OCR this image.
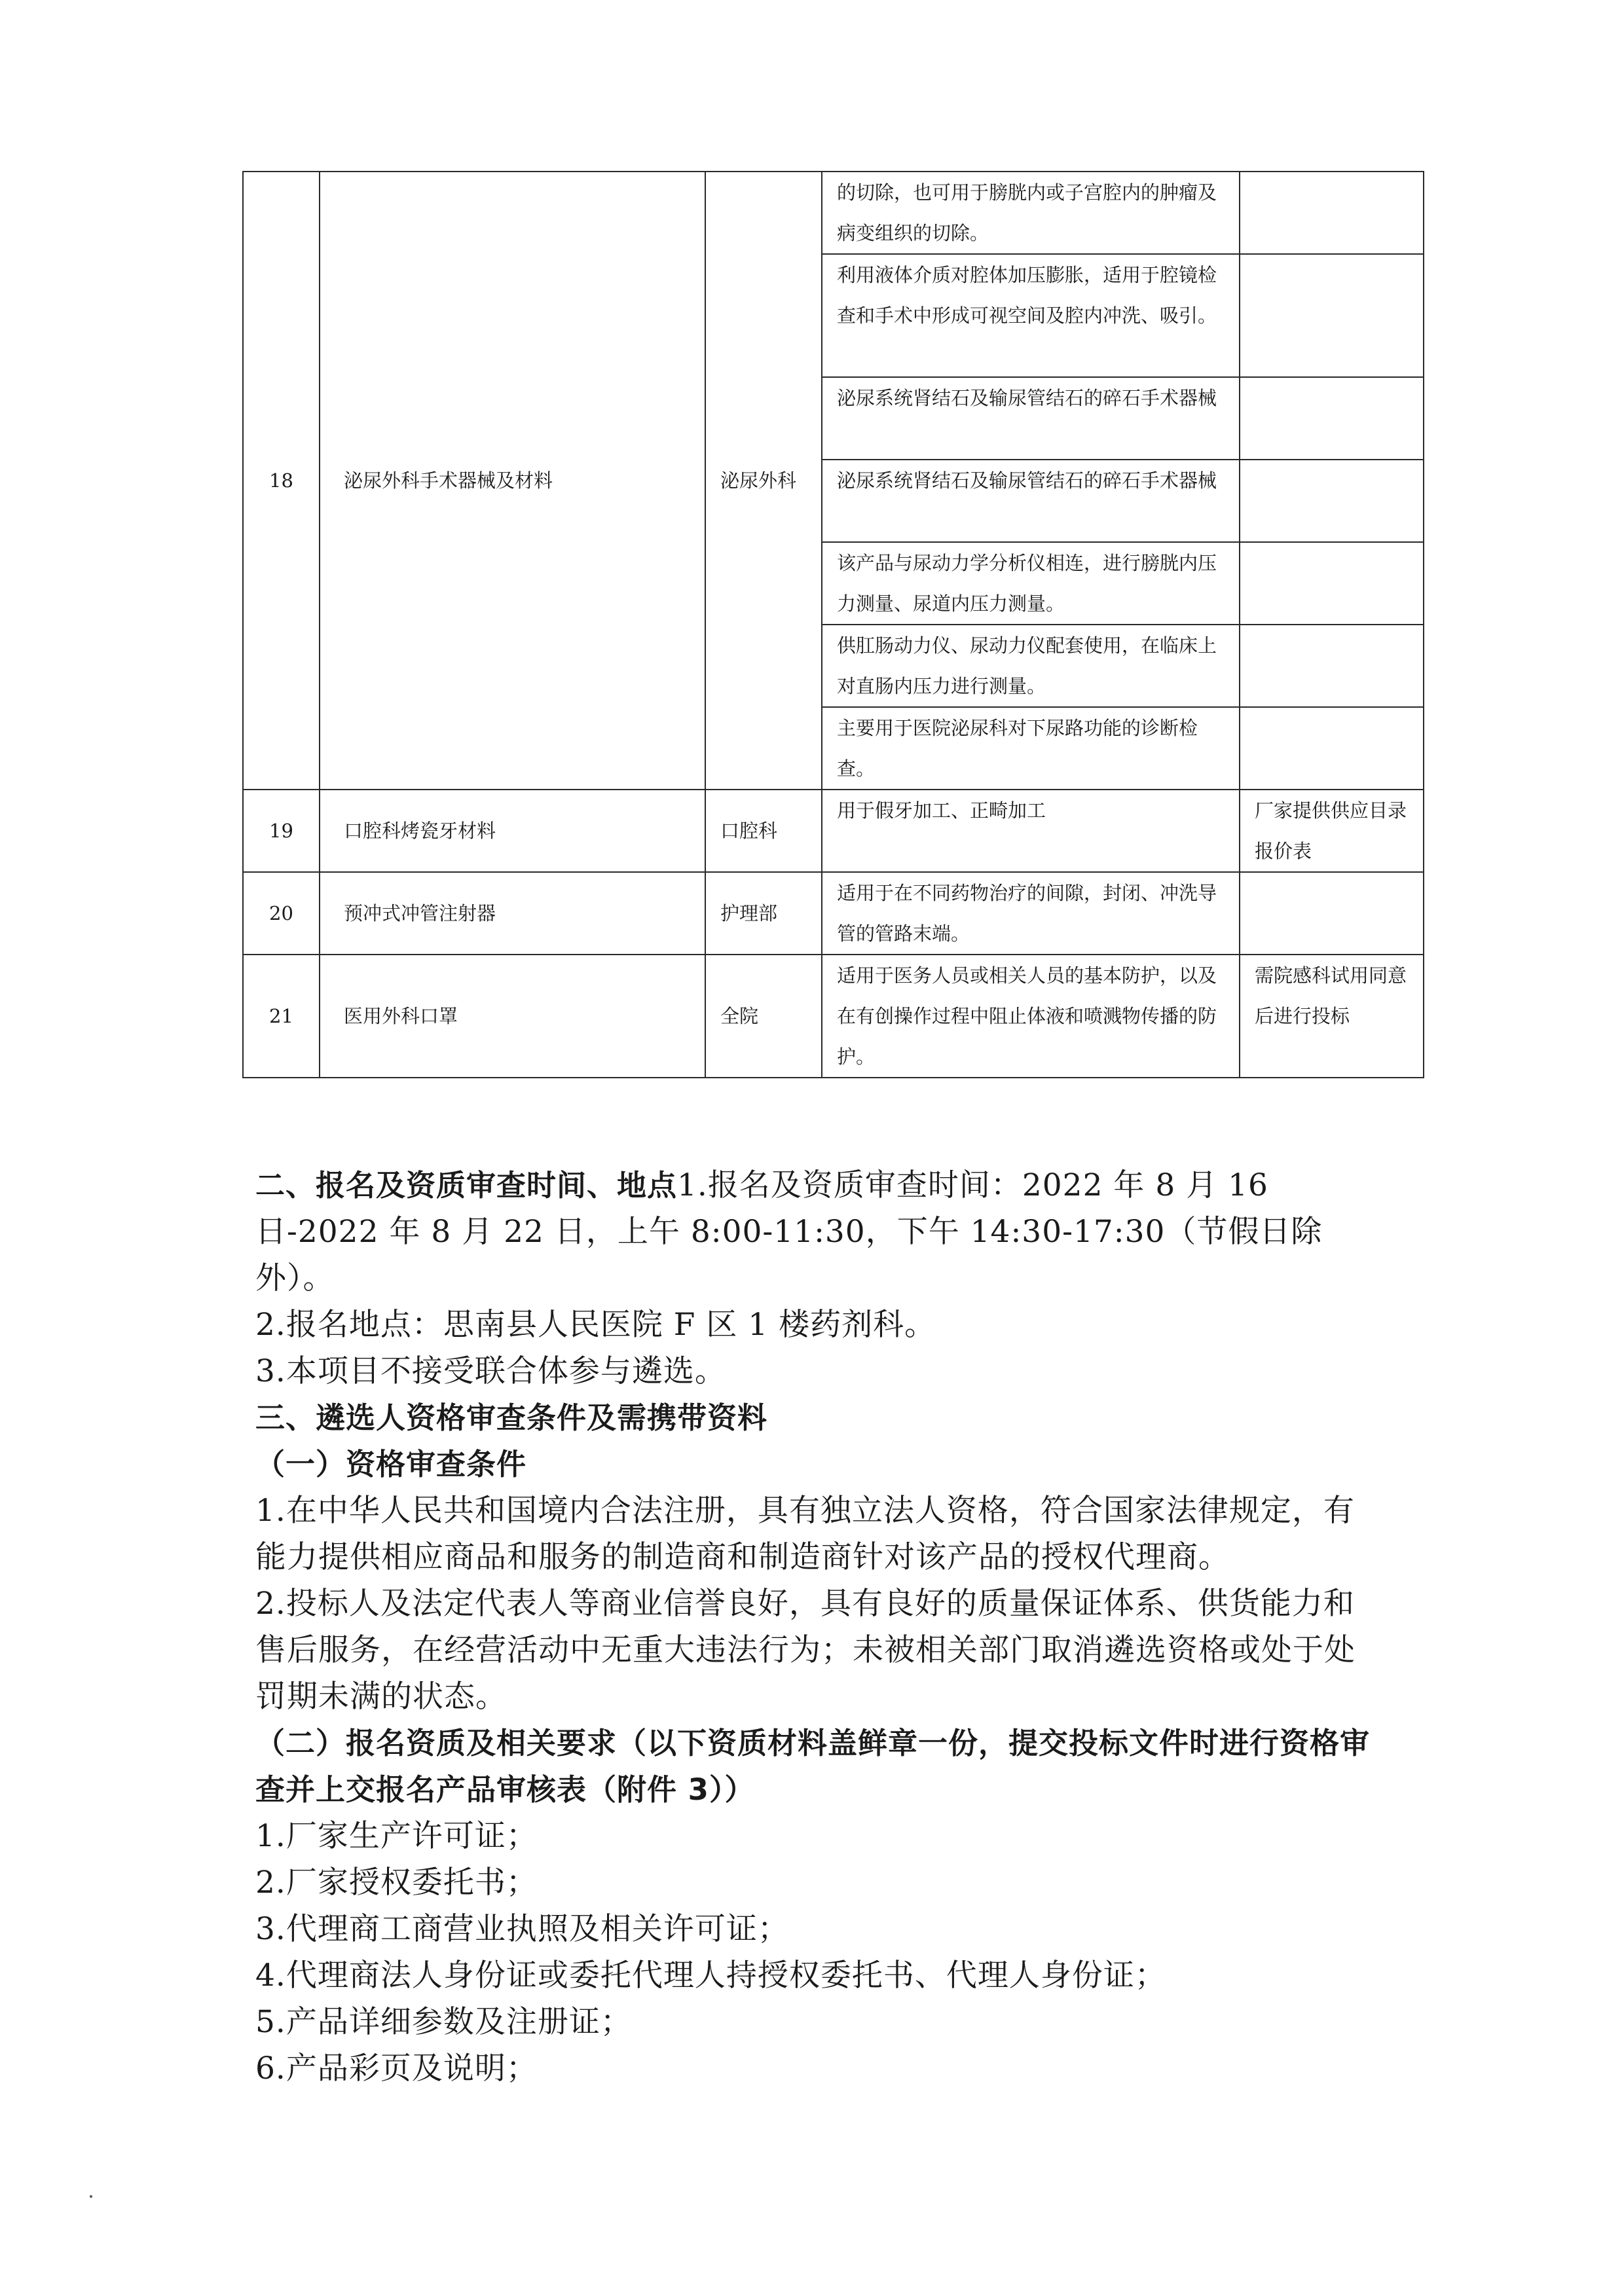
18	泌尿外科手术器械及材料	泌尿外科	的切除，也可用于膀胱内或子宫腔内的肿瘤及病变组织的切除。	
			利用液体介质对腔体加压膨胀，适用于腔镜检查和手术中形成可视空间及腔内冲洗、吸引。	
			泌尿系统肾结石及输尿管结石的碎石手术器械	
			泌尿系统肾结石及输尿管结石的碎石手术器械	
			该产品与尿动力学分析仪相连，进行膀胱内压力测量、尿道内压力测量。	
			供肛肠动力仪、尿动力仪配套使用，在临床上对直肠内压力进行测量。	
			主要用于医院泌尿科对下尿路功能的诊断检查。	
19	口腔科烤瓷牙材料	口腔科	用于假牙加工、正畸加工	厂家提供供应目录报价表
20	预冲式冲管注射器	护理部	适用于在不同药物治疗的间隙，封闭、冲洗导管的管路末端。	
21	医用外科口罩	全院	适用于医务人员或相关人员的基本防护，以及在有创操作过程中阻止体液和喷溅物传播的防护。	需院感科试用同意后进行投标

二、报名及资质审查时间、地点1.报名及资质审查时间：2022 年 8 月 16 日-2022 年 8 月 22 日，上午 8:00-11:30，下午 14:30-17:30（节假日除外）。

2.报名地点：思南县人民医院 F 区 1 楼药剂科。

3.本项目不接受联合体参与遴选。

三、遴选人资格审查条件及需携带资料

（一）资格审查条件

1.在中华人民共和国境内合法注册，具有独立法人资格，符合国家法律规定，有能力提供相应商品和服务的制造商和制造商针对该产品的授权代理商。

2.投标人及法定代表人等商业信誉良好，具有良好的质量保证体系、供货能力和售后服务，在经营活动中无重大违法行为；未被相关部门取消遴选资格或处于处罚期未满的状态。

（二）报名资质及相关要求（以下资质材料盖鲜章一份，提交投标文件时进行资格审查并上交报名产品审核表（附件 3））

1.厂家生产许可证；

2.厂家授权委托书；

3.代理商工商营业执照及相关许可证；

4.代理商法人身份证或委托代理人持授权委托书、代理人身份证；

5.产品详细参数及注册证；

6.产品彩页及说明；
